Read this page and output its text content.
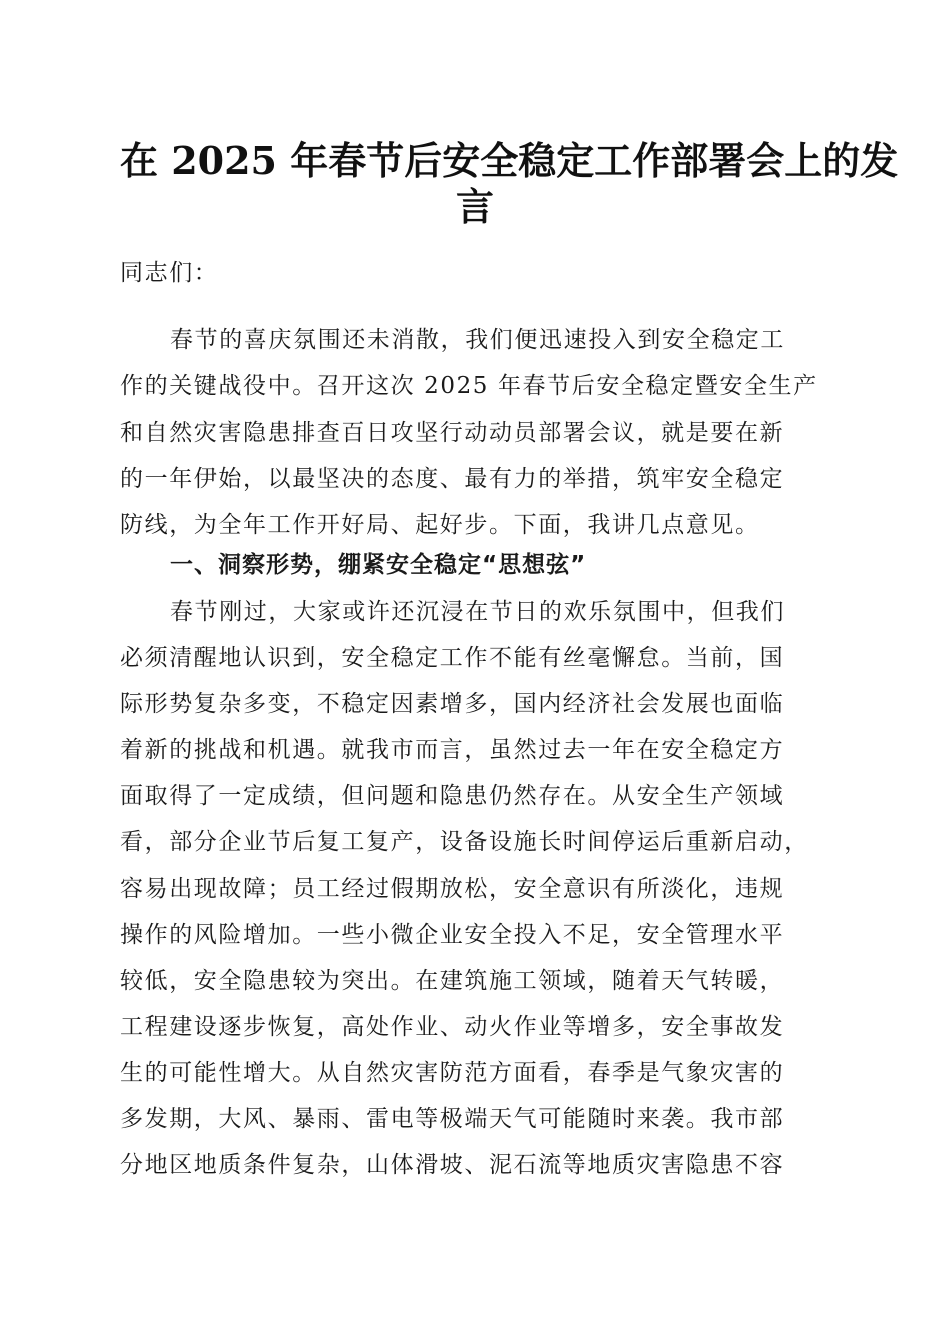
在 2025 年春节后安全稳定工作部署会上的发
言
同志们：
春节的喜庆氛围还未消散，我们便迅速投入到安全稳定工
作的关键战役中。召开这次 2025 年春节后安全稳定暨安全生产
和自然灾害隐患排查百日攻坚行动动员部署会议，就是要在新
的一年伊始，以最坚决的态度、最有力的举措，筑牢安全稳定
防线，为全年工作开好局、起好步。下面，我讲几点意见。
一、洞察形势，绷紧安全稳定“思想弦”
春节刚过，大家或许还沉浸在节日的欢乐氛围中，但我们
必须清醒地认识到，安全稳定工作不能有丝毫懈怠。当前，国
际形势复杂多变，不稳定因素增多，国内经济社会发展也面临
着新的挑战和机遇。就我市而言，虽然过去一年在安全稳定方
面取得了一定成绩，但问题和隐患仍然存在。从安全生产领域
看，部分企业节后复工复产，设备设施长时间停运后重新启动，
容易出现故障；员工经过假期放松，安全意识有所淡化，违规
操作的风险增加。一些小微企业安全投入不足，安全管理水平
较低，安全隐患较为突出。在建筑施工领域，随着天气转暖，
工程建设逐步恢复，高处作业、动火作业等增多，安全事故发
生的可能性增大。从自然灾害防范方面看，春季是气象灾害的
多发期，大风、暴雨、雷电等极端天气可能随时来袭。我市部
分地区地质条件复杂，山体滑坡、泥石流等地质灾害隐患不容
